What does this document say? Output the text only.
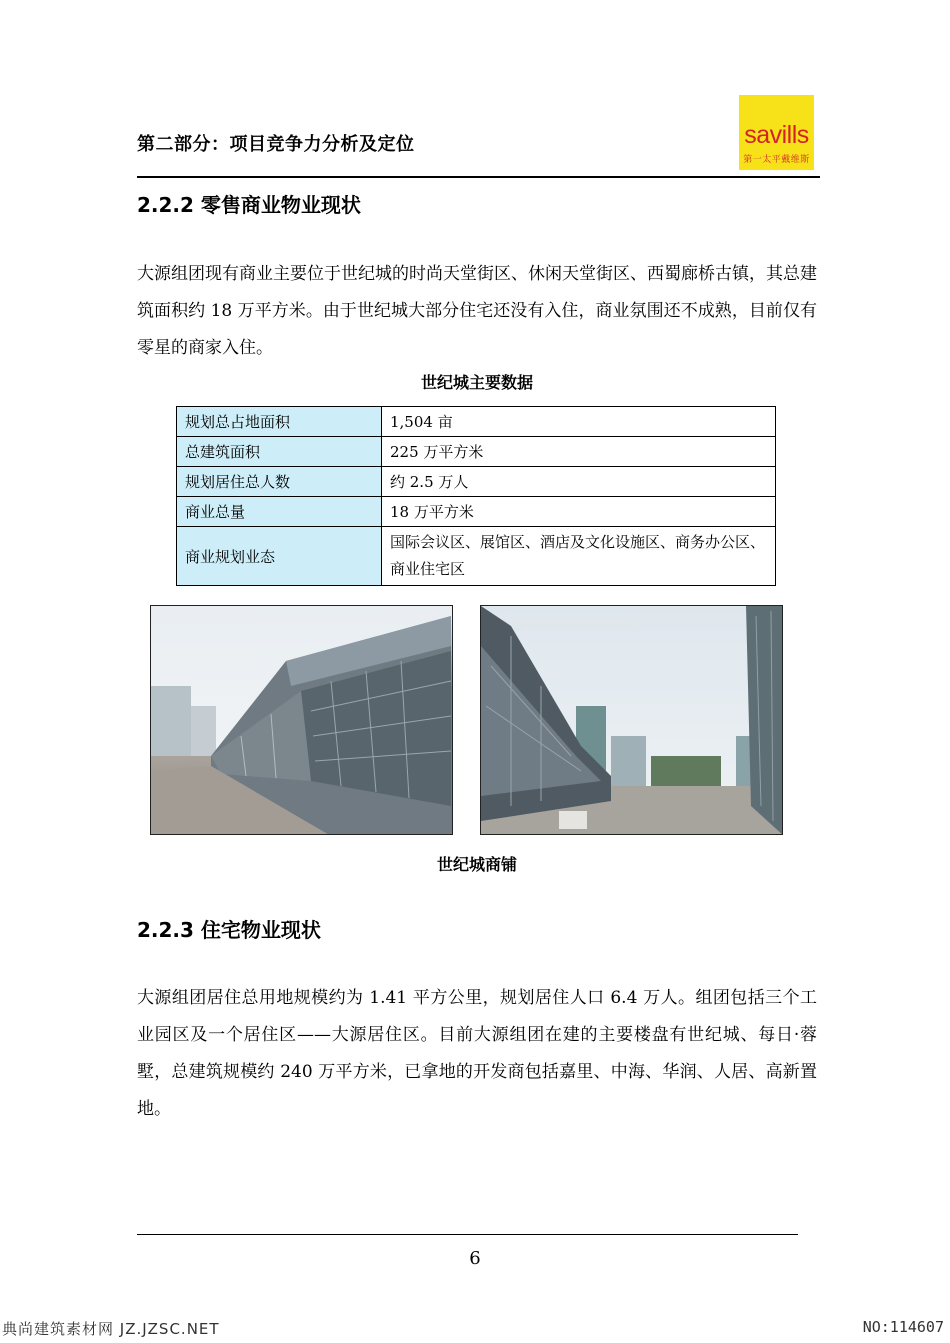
第二部分：项目竞争力分析及定位	savills
第一太平戴维斯
2.2.2 零售商业物业现状
大源组团现有商业主要位于世纪城的时尚天堂街区、休闲天堂街区、西蜀廊桥古镇，其总建筑面积约 18 万平方米。由于世纪城大部分住宅还没有入住，商业氛围还不成熟，目前仅有零星的商家入住。
世纪城主要数据
规划总占地面积	1,504 亩
总建筑面积	225 万平方米
规划居住总人数	约 2.5 万人
商业总量	18 万平方米
商业规划业态	国际会议区、展馆区、酒店及文化设施区、商务办公区、商业住宅区
世纪城商铺
2.2.3 住宅物业现状
大源组团居住总用地规模约为 1.41 平方公里，规划居住人口 6.4 万人。组团包括三个工业园区及一个居住区——大源居住区。目前大源组团在建的主要楼盘有世纪城、每日·蓉墅，总建筑规模约 240 万平方米，已拿地的开发商包括嘉里、中海、华润、人居、高新置地。
6
典尚建筑素材网 JZ.JZSC.NET	NO:114607
